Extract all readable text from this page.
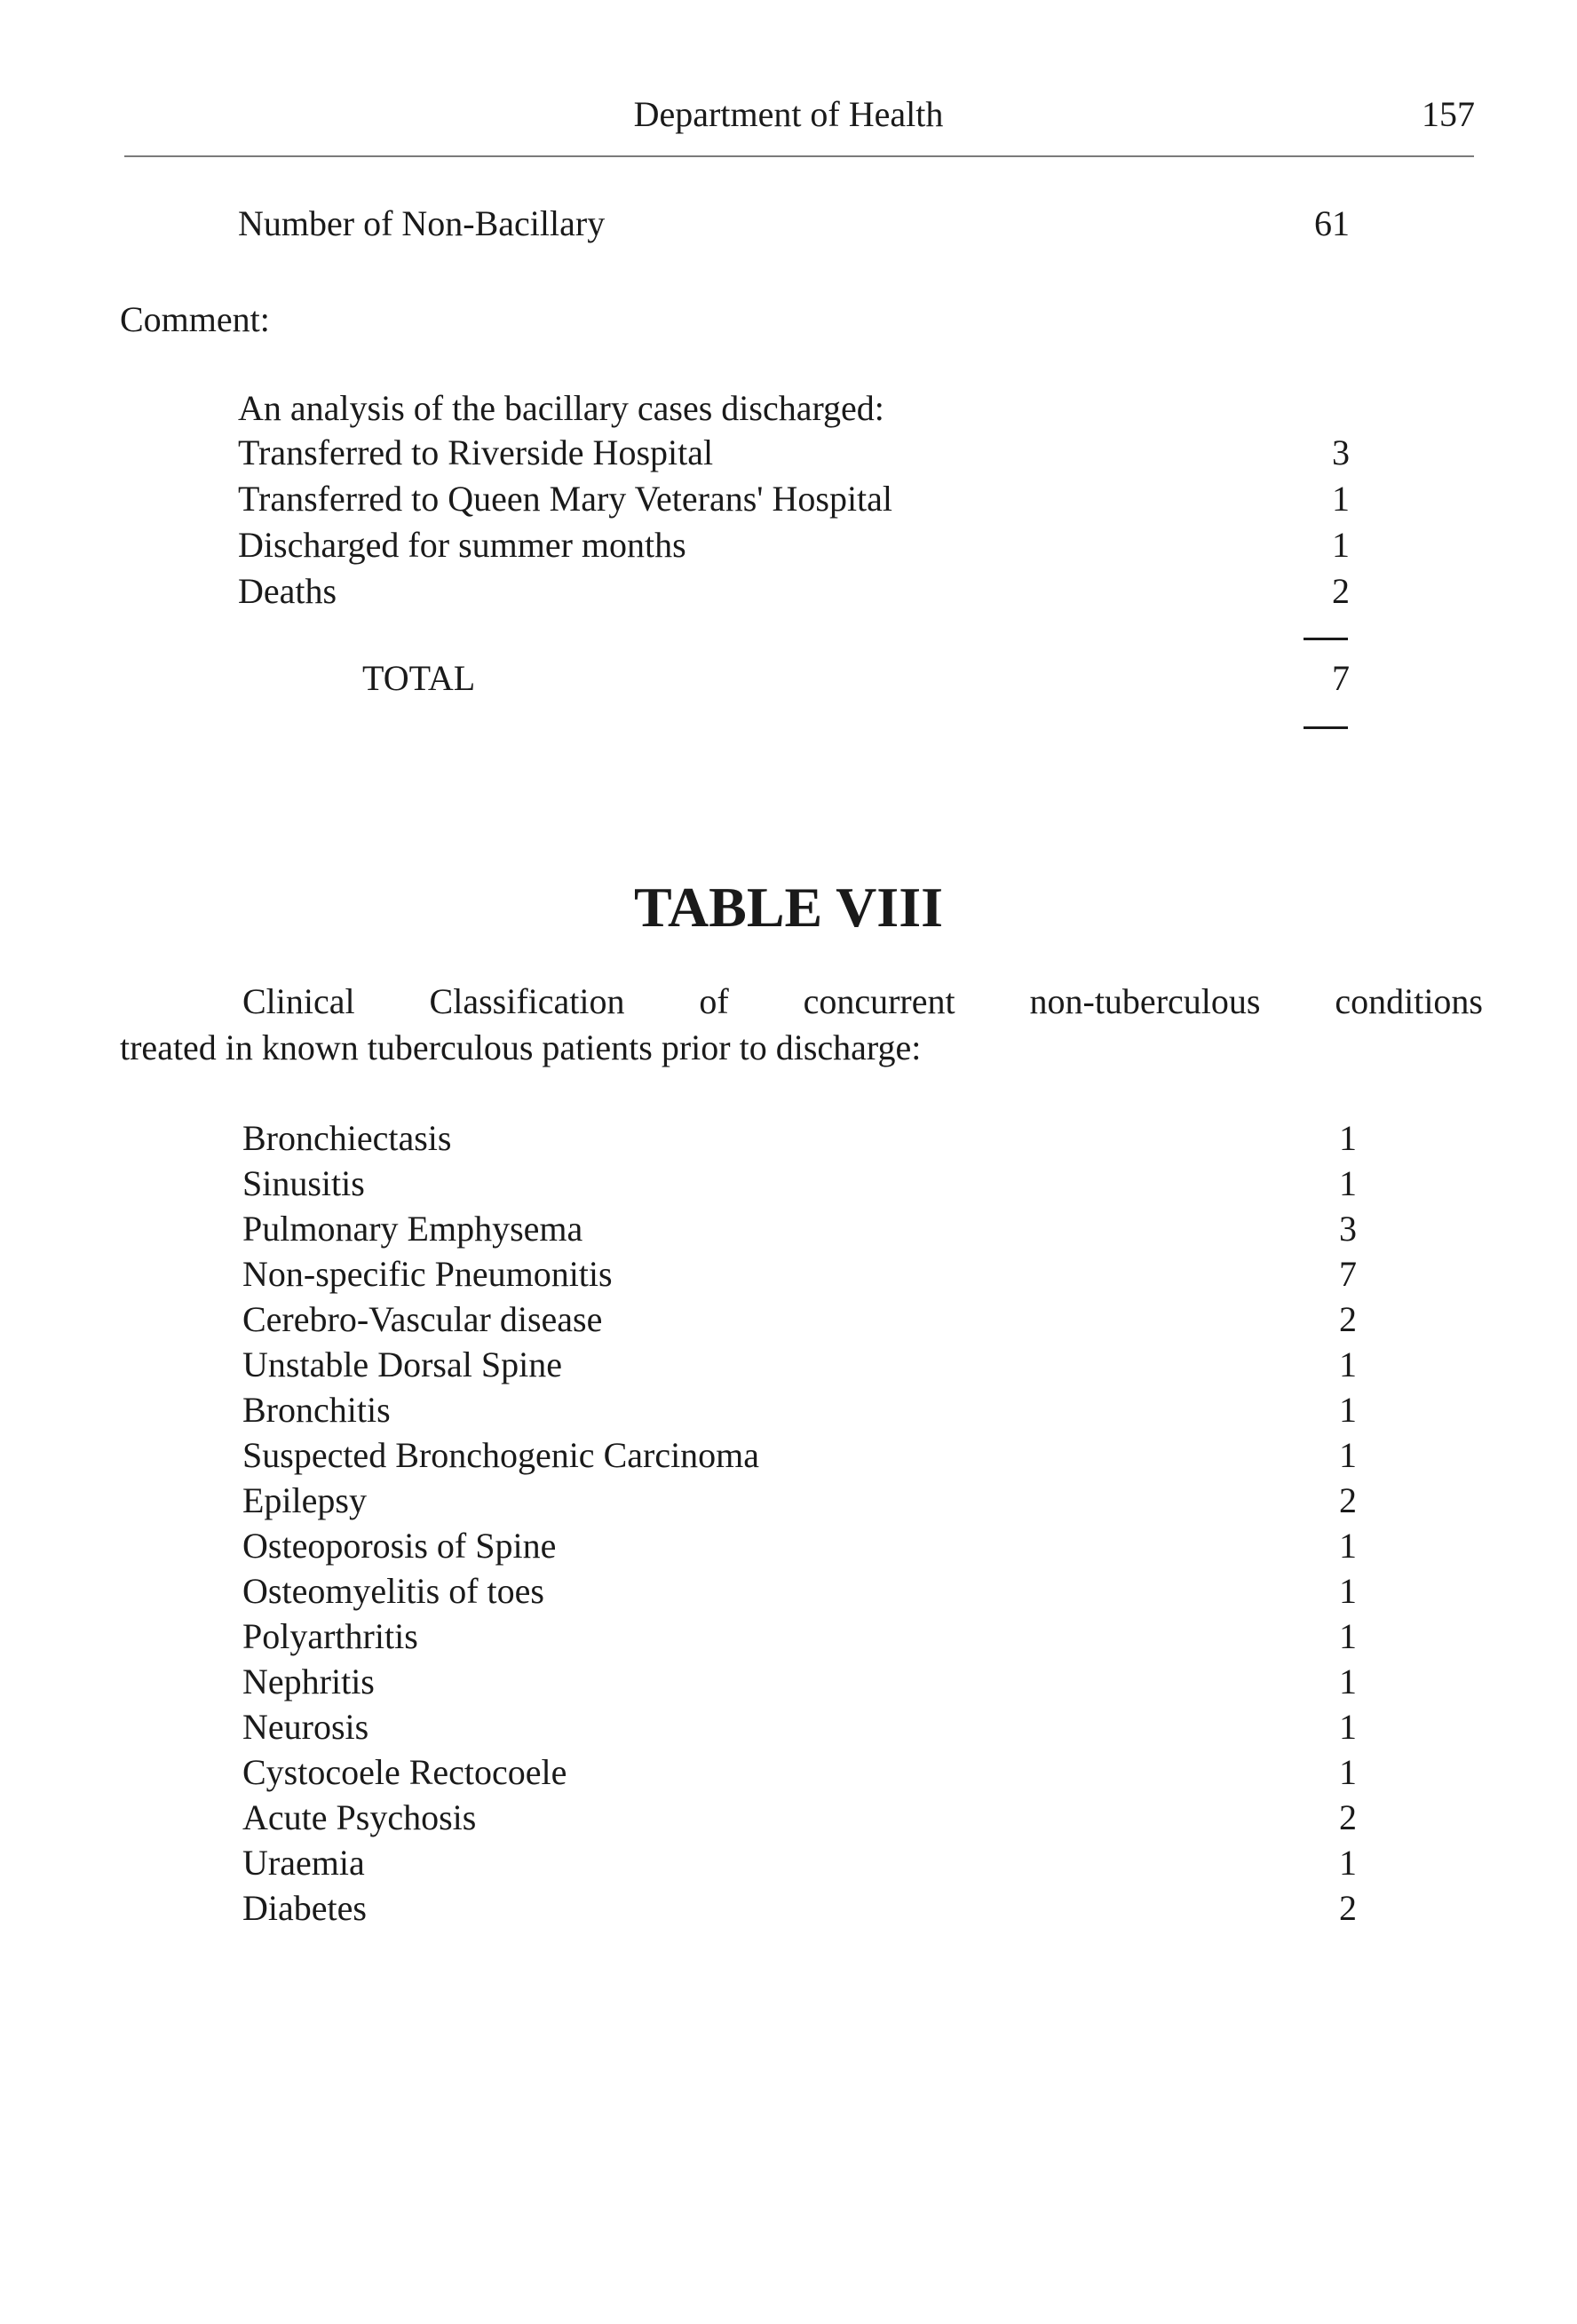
Department of Health	157
Number of Non-Bacillary	61
Comment:
An analysis of the bacillary cases discharged:
Transferred to Riverside Hospital	3
Transferred to Queen Mary Veterans' Hospital	1
Discharged for summer months	1
Deaths	2
TOTAL	7
TABLE VIII
Clinical Classification of concurrent non-tuberculous conditions
treated in known tuberculous patients prior to discharge:
Bronchiectasis	1
Sinusitis	1
Pulmonary Emphysema	3
Non-specific Pneumonitis	7
Cerebro-Vascular disease	2
Unstable Dorsal Spine	1
Bronchitis	1
Suspected Bronchogenic Carcinoma	1
Epilepsy	2
Osteoporosis of Spine	1
Osteomyelitis of toes	1
Polyarthritis	1
Nephritis	1
Neurosis	1
Cystocoele Rectocoele	1
Acute Psychosis	2
Uraemia	1
Diabetes	2
